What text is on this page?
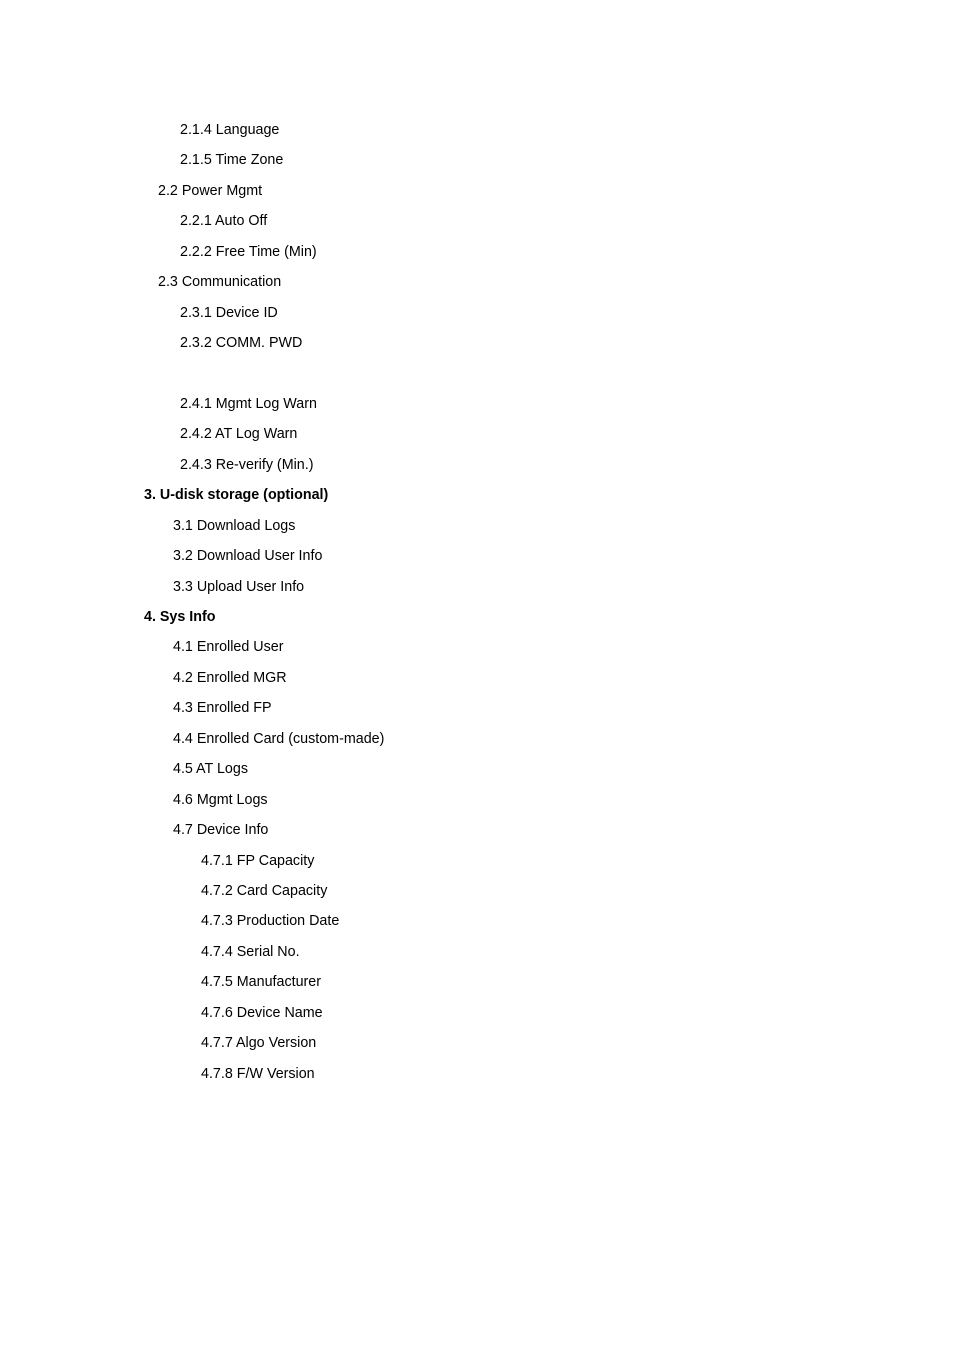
2.1.4 Language
2.1.5 Time Zone
2.2 Power Mgmt
2.2.1 Auto Off
2.2.2 Free Time (Min)
2.3 Communication
2.3.1 Device ID
2.3.2 COMM. PWD
2.4.1 Mgmt Log Warn
2.4.2 AT Log Warn
2.4.3 Re-verify (Min.)
3. U-disk storage (optional)
3.1 Download Logs
3.2 Download User Info
3.3 Upload User Info
4. Sys Info
4.1 Enrolled User
4.2 Enrolled MGR
4.3 Enrolled FP
4.4 Enrolled Card (custom-made)
4.5 AT Logs
4.6 Mgmt Logs
4.7 Device Info
4.7.1 FP Capacity
4.7.2 Card Capacity
4.7.3 Production Date
4.7.4 Serial No.
4.7.5 Manufacturer
4.7.6 Device Name
4.7.7 Algo Version
4.7.8 F/W Version
